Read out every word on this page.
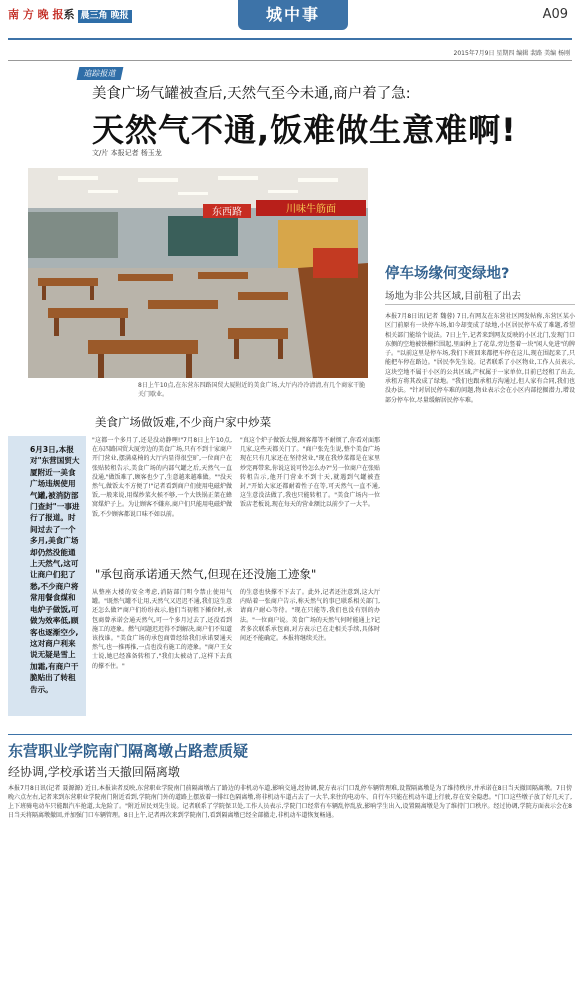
南 方 晚 报系 晨三角 晚报	城中事	A09
2015年7月9日 星期四 编辑 裴路 美编 杨刚
追踪报道
美食广场气罐被查后,天然气至今未通,商户着了急:
天然气不通,饭难做生意难啊!
文/片 本报记者 杨玉龙
东西路	川味牛筋面
8日上午10点,在东营东四路国贸大厦附近的美食广场,大厅内冷冷清清,有几个商家干脆关门歇业。
停车场缘何变绿地?
场地为非公共区域,目前租了出去
本报7月8日讯(记者 魏蓉) 7日,有网友在东营社区网发帖称,东营区某小区门前原有一块停车场,如今却变成了绿地,小区居民停车成了难题,希望相关部门能给个说法。7日上午,记者来到网友反映的小区北门,发现门口东侧的空地被铁栅栏围起,里面种上了花草,旁边竖着一块"闲人免进"的牌子。"以前这里是停车场,我们下班回来都把车停在这儿,现在围起来了,只能把车停在路边。"居民李先生说。记者联系了小区物业,工作人员表示,这块空地不属于小区的公共区域,产权属于一家单位,目前已经租了出去,承租方将其改成了绿地。"我们也跟承租方沟通过,但人家有合同,我们也没办法。"针对居民停车难的问题,物业表示会在小区内部挖掘潜力,增设部分停车位,尽量缓解居民停车难。
美食广场做饭难,不少商户家中炒菜
6月3日,本报对"东营国贸大厦附近一美食广场违规使用气罐,被消防部门查封"一事进行了报道。时间过去了一个多月,美食广场却仍然没能通上天然气,这可让商户们犯了愁,不少商户将常用餐食煤和电炉子做饭,可做为效率低,顾客也逐渐空少,这对商户利来说无疑是雪上加霜,有商户干脆贴出了转租告示。
"这都一个多月了,还是没动静哩!"7月8日上午10点,在东四路国贸大厦旁边的美食广场,只有不到十家商户开门营业,摆满桌椅的大厅内显得很空旷,一位商户在张贴转租告示,美食广场的内部气罐之后,天然气一直没通,"做饭难了,顾客也少了,生意越来越难做。""没天然气,做饭太不方便了!"记者看到商户们使用电磁炉做饭,一般来说,用煤炒菜火候不够,一个大铁锅正架在蜂窝煤炉子上。为让顾客不嫌弃,商户们只能用电磁炉做饭,不少顾客都说口味不如以前。
"真这个炉子做饭太慢,顾客都等不耐烦了,你看对面那几家,这些天都关门了。"商户张先生说,整个美食广场现在只有几家还在坚持营业,"现在我炒菜都是在家里炒完再带来,你说这说可怜怎么办?"另一位商户在张贴转租告示,他开门营业不到十天,就遇到气罐被查封,"开始大家还都耐着性子在等,可天然气一直不通,这生意没法做了,我也只能转租了。"美食广场内一位饭店老板说,现在每天的营业额比以前少了一大半。
"承包商承诺通天然气,但现在还没施工迹象"
从整座大楼的安全考虑,消防部门明令禁止使用气罐。"既然气罐不让用,天然气又迟迟不通,我们这生意还怎么做?"商户们纷纷表示,他们当初租下摊位时,承包商曾承诺会通天然气,可一个多月过去了,还没看到施工的迹象。燃气问题迟迟得不到解决,商户们不知道该找谁。"美食广场的承包商曾经给我们承诺要通天然气,也一推再推,一点也没有施工的迹象。"商户王女士说,她已经准备转租了,"我们太被动了,这样下去真的撑不住。"
的生意也快撑不下去了。此外,记者还注意到,这大厅内贴着一张商户告示,称天然气的事已联系相关部门,请商户耐心等待。"现在只能等,我们也没有别的办法。"一位商户说。美食广场的天然气何时能通上?记者多次联系承包商,对方表示已在走相关手续,具体时间还不能确定。本报将继续关注。
东营职业学院南门隔离墩占路惹质疑
经协调,学校承诺当天撤回隔离墩
本报7月8日讯(记者 聂源源) 近日,本报读者反映,东营职业学院南门前隔离墩占了路边的非机动车道,影响交通,经协调,院方表示门口乱停车辆管理难,设置隔离墩是为了维持秩序,并承诺在8日当天撤回隔离墩。7日傍晚六点左右,记者来到东营职业学院南门附近看到,学院南门外的道路上摆放着一排红色隔离墩,将非机动车道占去了一大半,来往的电动车、自行车只能在机动车道上行驶,存在安全隐患。"门口这些墩子放了好几天了,上下班骑电动车只能跟汽车抢道,太危险了。"附近居民刘先生说。记者联系了学院保卫处,工作人员表示,学院门口经常有车辆乱停乱放,影响学生出入,设置隔离墩是为了维持门口秩序。经过协调,学院方面表示会在8日当天将隔离墩撤回,并加强门口车辆管理。8日上午,记者再次来到学院南门,看到隔离墩已经全部撤走,非机动车道恢复畅通。
